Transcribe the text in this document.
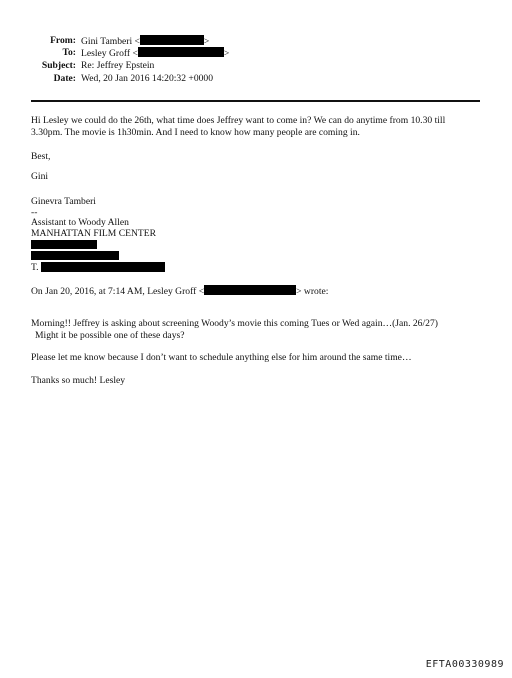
From: Gini Tamberi <	>
To: Lesley Groff <	>
Subject: Re: Jeffrey Epstein
Date: Wed, 20 Jan 2016 14:20:32 +0000
Hi Lesley we could do the 26th, what time does Jeffrey want to come in? We can do anytime from 10.30 till
3.30pm. The movie is 1h30min. And I need to know how many people are coming in.
Best,
Gini
Ginevra Tamberi
--
Assistant to Woody Allen
MANHATTAN FILM CENTER
T.
On Jan 20, 2016, at 7:14 AM, Lesley Groff <	> wrote:
Morning!! Jeffrey is asking about screening Woody’s movie this coming Tues or Wed again…(Jan. 26/27)
Might it be possible one of these days?
Please let me know because I don’t want to schedule anything else for him around the same time…
Thanks so much! Lesley
EFTA00330989
